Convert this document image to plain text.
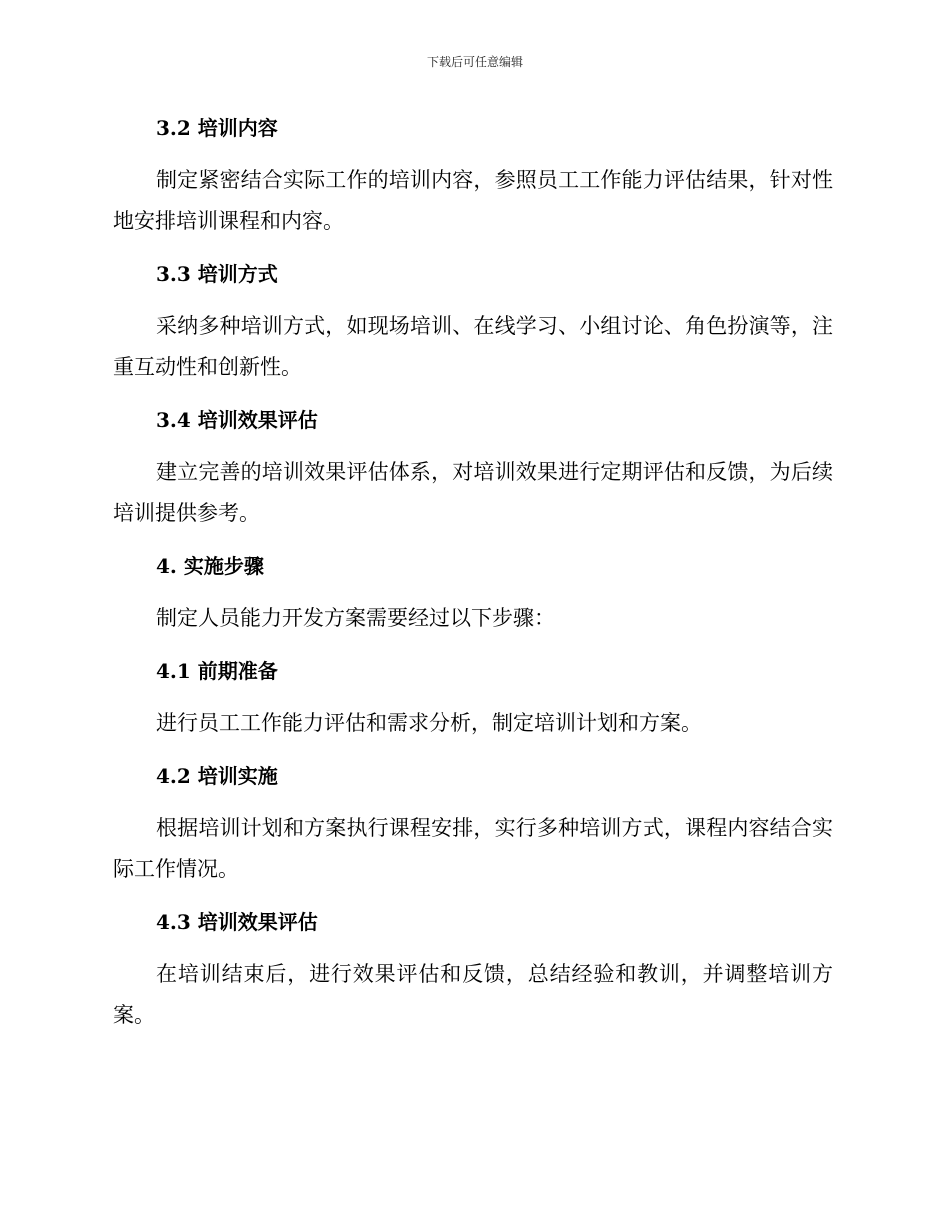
下载后可任意编辑
3.2 培训内容

制定紧密结合实际工作的培训内容，参照员工工作能力评估结果，针对性地安排培训课程和内容。

3.3 培训方式

采纳多种培训方式，如现场培训、在线学习、小组讨论、角色扮演等，注重互动性和创新性。

3.4 培训效果评估

建立完善的培训效果评估体系，对培训效果进行定期评估和反馈，为后续培训提供参考。

4. 实施步骤

制定人员能力开发方案需要经过以下步骤：

4.1 前期准备

进行员工工作能力评估和需求分析，制定培训计划和方案。

4.2 培训实施

根据培训计划和方案执行课程安排，实行多种培训方式，课程内容结合实际工作情况。

4.3 培训效果评估

在培训结束后，进行效果评估和反馈，总结经验和教训，并调整培训方案。
